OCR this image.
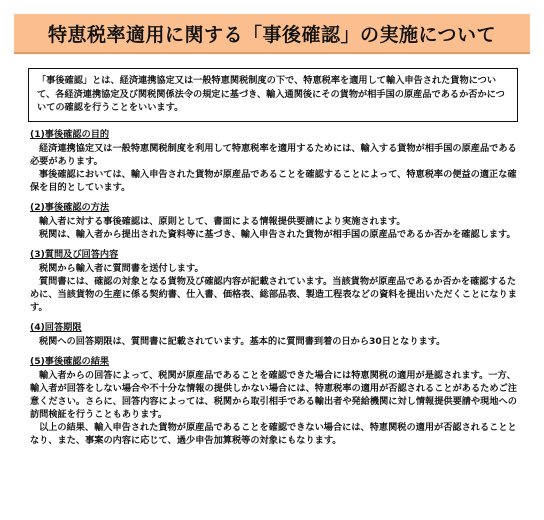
特恵税率適用に関する「事後確認」の実施について
「事後確認」とは、経済連携協定又は一般特恵関税制度の下で、特恵税率を適用して輸入申告された貨物について、各経済連携協定及び関税関係法令の規定に基づき、輸入通関後にその貨物が相手国の原産品であるか否かについての確認を行うことをいいます。
(1)事後確認の目的

経済連携協定又は一般特恵関税制度を利用して特恵税率を適用するためには、輸入する貨物が相手国の原産品である必要があります。

事後確認においては、輸入申告された貨物が原産品であることを確認することによって、特恵税率の便益の適正な確保を目的としています。

(2)事後確認の方法

輸入者に対する事後確認は、原則として、書面による情報提供要請により実施されます。

税関は、輸入者から提出された資料等に基づき、輸入申告された貨物が相手国の原産品であるか否かを確認します。

(3)質問及び回答内容

税関から輸入者に質問書を送付します。

質問書には、確認の対象となる貨物及び確認内容が記載されています。当該貨物が原産品であるか否かを確認するために、当該貨物の生産に係る契約書、仕入書、価格表、総部品表、製造工程表などの資料を提出いただくことになります。

(4)回答期限

税関への回答期限は、質問書に記載されています。基本的に質問書到着の日から30日となります。

(5)事後確認の結果

輸入者からの回答によって、税関が原産品であることを確認できた場合には特恵関税の適用が是認されます。一方、輸入者が回答をしない場合や不十分な情報の提供しかない場合には、特恵税率の適用が否認されることがあるためご注意ください。さらに、回答内容によっては、税関から取引相手である輸出者や発給機関に対し情報提供要請や現地への訪問検証を行うこともあります。

以上の結果、輸入申告された貨物が原産品であることを確認できない場合には、特恵関税の適用が否認されることとなり、また、事案の内容に応じて、過少申告加算税等の対象にもなります。
